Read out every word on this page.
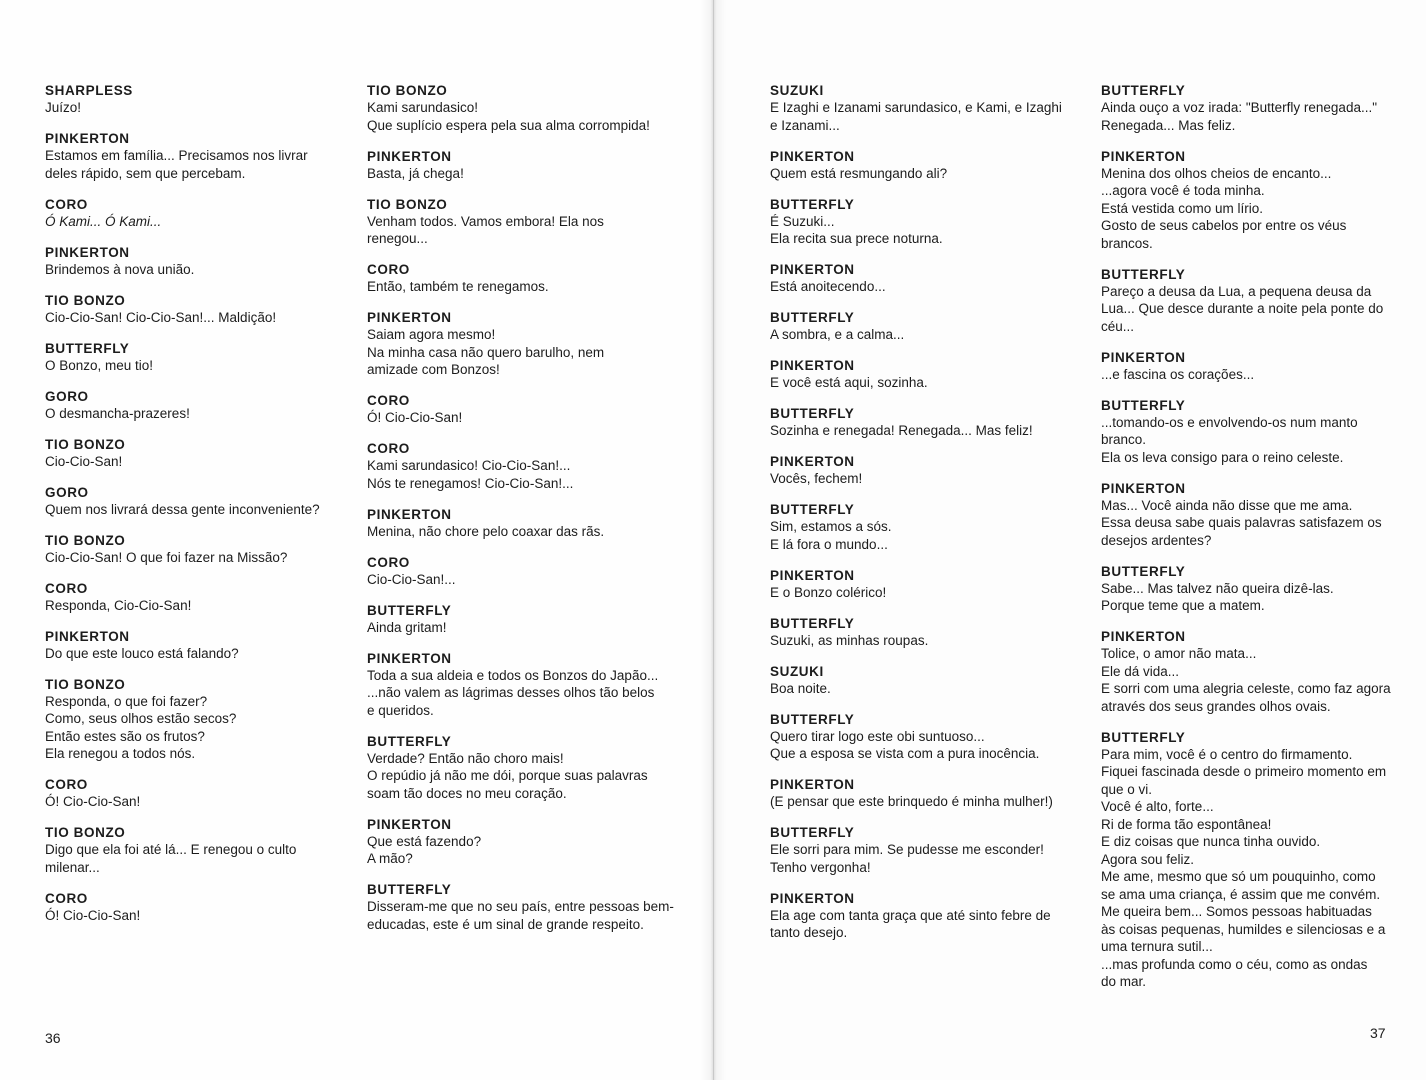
SHARPLESS
Juízo!
PINKERTON
Estamos em família... Precisamos nos livrar
deles rápido, sem que percebam.
CORO
Ó Kami... Ó Kami...
PINKERTON
Brindemos à nova união.
TIO BONZO
Cio-Cio-San! Cio-Cio-San!... Maldição!
BUTTERFLY
O Bonzo, meu tio!
GORO
O desmancha-prazeres!
TIO BONZO
Cio-Cio-San!
GORO
Quem nos livrará dessa gente inconveniente?
TIO BONZO
Cio-Cio-San! O que foi fazer na Missão?
CORO
Responda, Cio-Cio-San!
PINKERTON
Do que este louco está falando?
TIO BONZO
Responda, o que foi fazer?
Como, seus olhos estão secos?
Então estes são os frutos?
Ela renegou a todos nós.
CORO
Ó! Cio-Cio-San!
TIO BONZO
Digo que ela foi até lá... E renegou o culto
milenar...
CORO
Ó! Cio-Cio-San!
TIO BONZO
Kami sarundasico!
Que suplício espera pela sua alma corrompida!
PINKERTON
Basta, já chega!
TIO BONZO
Venham todos. Vamos embora! Ela nos
renegou...
CORO
Então, também te renegamos.
PINKERTON
Saiam agora mesmo!
Na minha casa não quero barulho, nem
amizade com Bonzos!
CORO
Ó! Cio-Cio-San!
CORO
Kami sarundasico! Cio-Cio-San!...
Nós te renegamos! Cio-Cio-San!...
PINKERTON
Menina, não chore pelo coaxar das rãs.
CORO
Cio-Cio-San!...
BUTTERFLY
Ainda gritam!
PINKERTON
Toda a sua aldeia e todos os Bonzos do Japão...
...não valem as lágrimas desses olhos tão belos
e queridos.
BUTTERFLY
Verdade? Então não choro mais!
O repúdio já não me dói, porque suas palavras
soam tão doces no meu coração.
PINKERTON
Que está fazendo?
A mão?
BUTTERFLY
Disseram-me que no seu país, entre pessoas bem-
educadas, este é um sinal de grande respeito.
SUZUKI
E Izaghi e Izanami sarundasico, e Kami, e Izaghi
e Izanami...
PINKERTON
Quem está resmungando ali?
BUTTERFLY
É Suzuki...
Ela recita sua prece noturna.
PINKERTON
Está anoitecendo...
BUTTERFLY
A sombra, e a calma...
PINKERTON
E você está aqui, sozinha.
BUTTERFLY
Sozinha e renegada! Renegada... Mas feliz!
PINKERTON
Vocês, fechem!
BUTTERFLY
Sim, estamos a sós.
E lá fora o mundo...
PINKERTON
E o Bonzo colérico!
BUTTERFLY
Suzuki, as minhas roupas.
SUZUKI
Boa noite.
BUTTERFLY
Quero tirar logo este obi suntuoso...
Que a esposa se vista com a pura inocência.
PINKERTON
(E pensar que este brinquedo é minha mulher!)
BUTTERFLY
Ele sorri para mim. Se pudesse me esconder!
Tenho vergonha!
PINKERTON
Ela age com tanta graça que até sinto febre de
tanto desejo.
BUTTERFLY
Ainda ouço a voz irada: "Butterfly renegada..."
Renegada... Mas feliz.
PINKERTON
Menina dos olhos cheios de encanto...
...agora você é toda minha.
Está vestida como um lírio.
Gosto de seus cabelos por entre os véus
brancos.
BUTTERFLY
Pareço a deusa da Lua, a pequena deusa da
Lua... Que desce durante a noite pela ponte do
céu...
PINKERTON
...e fascina os corações...
BUTTERFLY
...tomando-os e envolvendo-os num manto
branco.
Ela os leva consigo para o reino celeste.
PINKERTON
Mas... Você ainda não disse que me ama.
Essa deusa sabe quais palavras satisfazem os
desejos ardentes?
BUTTERFLY
Sabe... Mas talvez não queira dizê-las.
Porque teme que a matem.
PINKERTON
Tolice, o amor não mata...
Ele dá vida...
E sorri com uma alegria celeste, como faz agora
através dos seus grandes olhos ovais.
BUTTERFLY
Para mim, você é o centro do firmamento.
Fiquei fascinada desde o primeiro momento em
que o vi.
Você é alto, forte...
Ri de forma tão espontânea!
E diz coisas que nunca tinha ouvido.
Agora sou feliz.
Me ame, mesmo que só um pouquinho, como
se ama uma criança, é assim que me convém.
Me queira bem... Somos pessoas habituadas
às coisas pequenas, humildes e silenciosas e a
uma ternura sutil...
...mas profunda como o céu, como as ondas
do mar.
36	37
